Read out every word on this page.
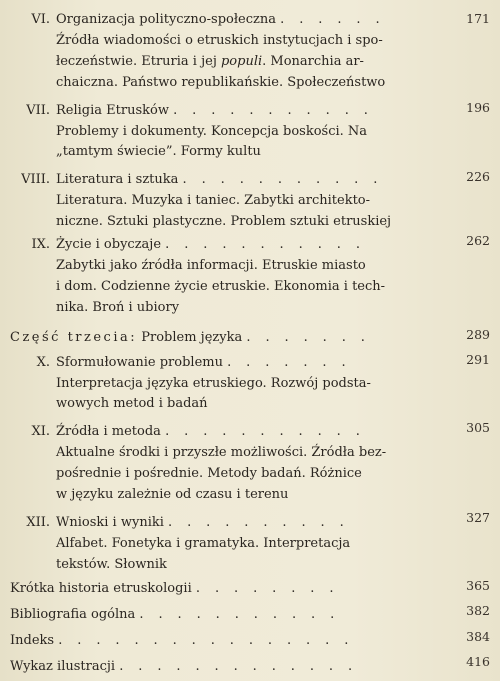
VI. Organizacja polityczno-społeczna . . . . . .	171
Źródła wiadomości o etruskich instytucjach i spo-
łeczeństwie. Etruria i jej populi. Monarchia ar-
chaiczna. Państwo republikańskie. Społeczeństwo
VII. Religia Etrusków . . . . . . . . . . .	196
Problemy i dokumenty. Koncepcja boskości. Na
„tamtym świecie”. Formy kultu
VIII. Literatura i sztuka . . . . . . . . . . .	226
Literatura. Muzyka i taniec. Zabytki architekto-
niczne. Sztuki plastyczne. Problem sztuki etruskiej
IX. Życie i obyczaje . . . . . . . . . . .	262
Zabytki jako źródła informacji. Etruskie miasto
i dom. Codzienne życie etruskie. Ekonomia i tech-
nika. Broń i ubiory
Część trzecia: Problem języka . . . . . . .	289
X. Sformułowanie problemu . . . . . . .	291
Interpretacja języka etruskiego. Rozwój podsta-
wowych metod i badań
XI. Źródła i metoda . . . . . . . . . . .	305
Aktualne środki i przyszłe możliwości. Źródła bez-
pośrednie i pośrednie. Metody badań. Różnice
w języku zależnie od czasu i terenu
XII. Wnioski i wyniki . . . . . . . . . .	327
Alfabet. Fonetyka i gramatyka. Interpretacja
tekstów. Słownik
Krótka historia etruskologii . . . . . . . .	365
Bibliografia ogólna . . . . . . . . . . .	382
Indeks . . . . . . . . . . . . . . . .	384
Wykaz ilustracji . . . . . . . . . . . . .	416
